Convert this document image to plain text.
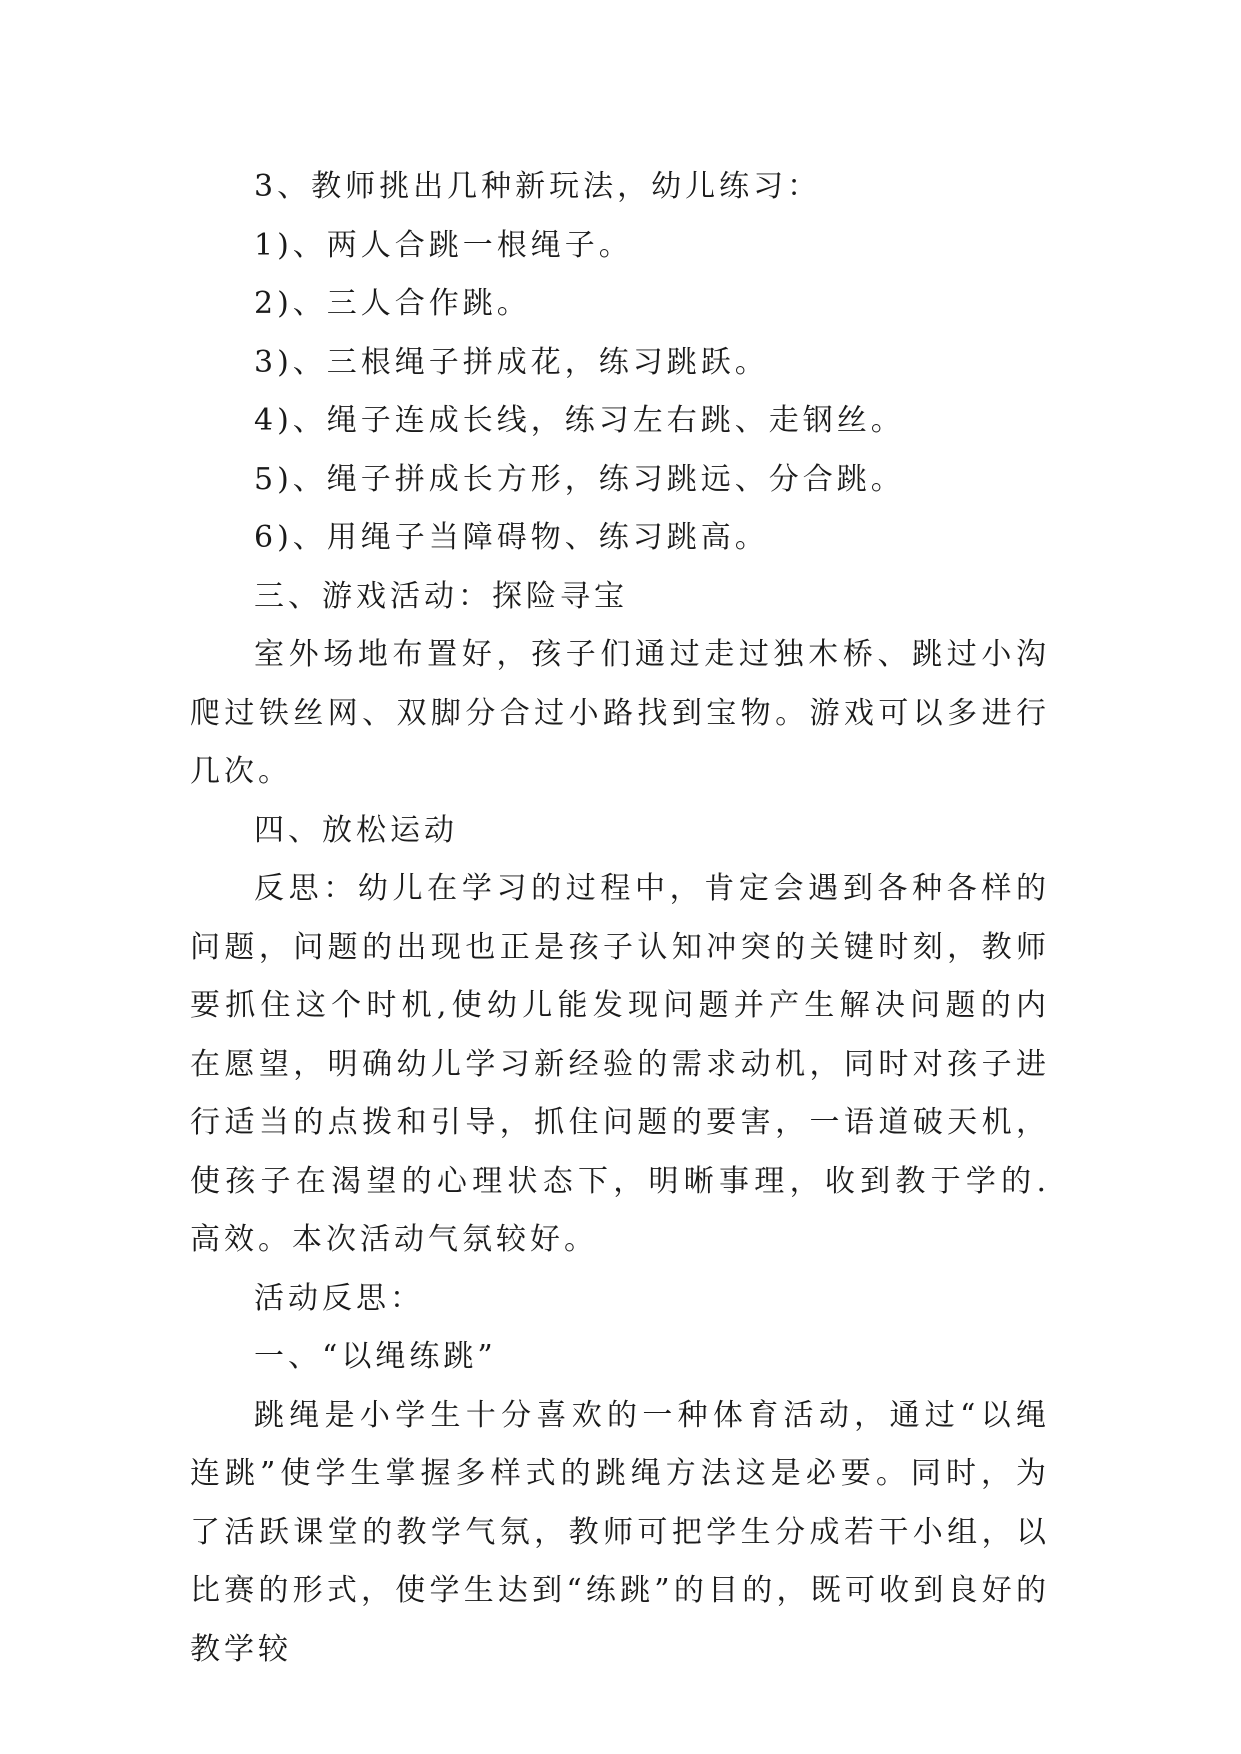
3、教师挑出几种新玩法，幼儿练习：

1)、两人合跳一根绳子。

2)、三人合作跳。

3)、三根绳子拼成花，练习跳跃。

4)、绳子连成长线，练习左右跳、走钢丝。

5)、绳子拼成长方形，练习跳远、分合跳。

6)、用绳子当障碍物、练习跳高。

三、游戏活动：探险寻宝

室外场地布置好，孩子们通过走过独木桥、跳过小沟爬过铁丝网、双脚分合过小路找到宝物。游戏可以多进行几次。

四、放松运动

反思：幼儿在学习的过程中，肯定会遇到各种各样的问题，问题的出现也正是孩子认知冲突的关键时刻，教师要抓住这个时机,使幼儿能发现问题并产生解决问题的内在愿望，明确幼儿学习新经验的需求动机，同时对孩子进行适当的点拨和引导，抓住问题的要害，一语道破天机，使孩子在渴望的心理状态下，明晰事理，收到教于学的.高效。本次活动气氛较好。

活动反思：

一、“以绳练跳”

跳绳是小学生十分喜欢的一种体育活动，通过“以绳连跳”使学生掌握多样式的跳绳方法这是必要。同时，为了活跃课堂的教学气氛，教师可把学生分成若干小组，以比赛的形式，使学生达到“练跳”的目的，既可收到良好的教学较
